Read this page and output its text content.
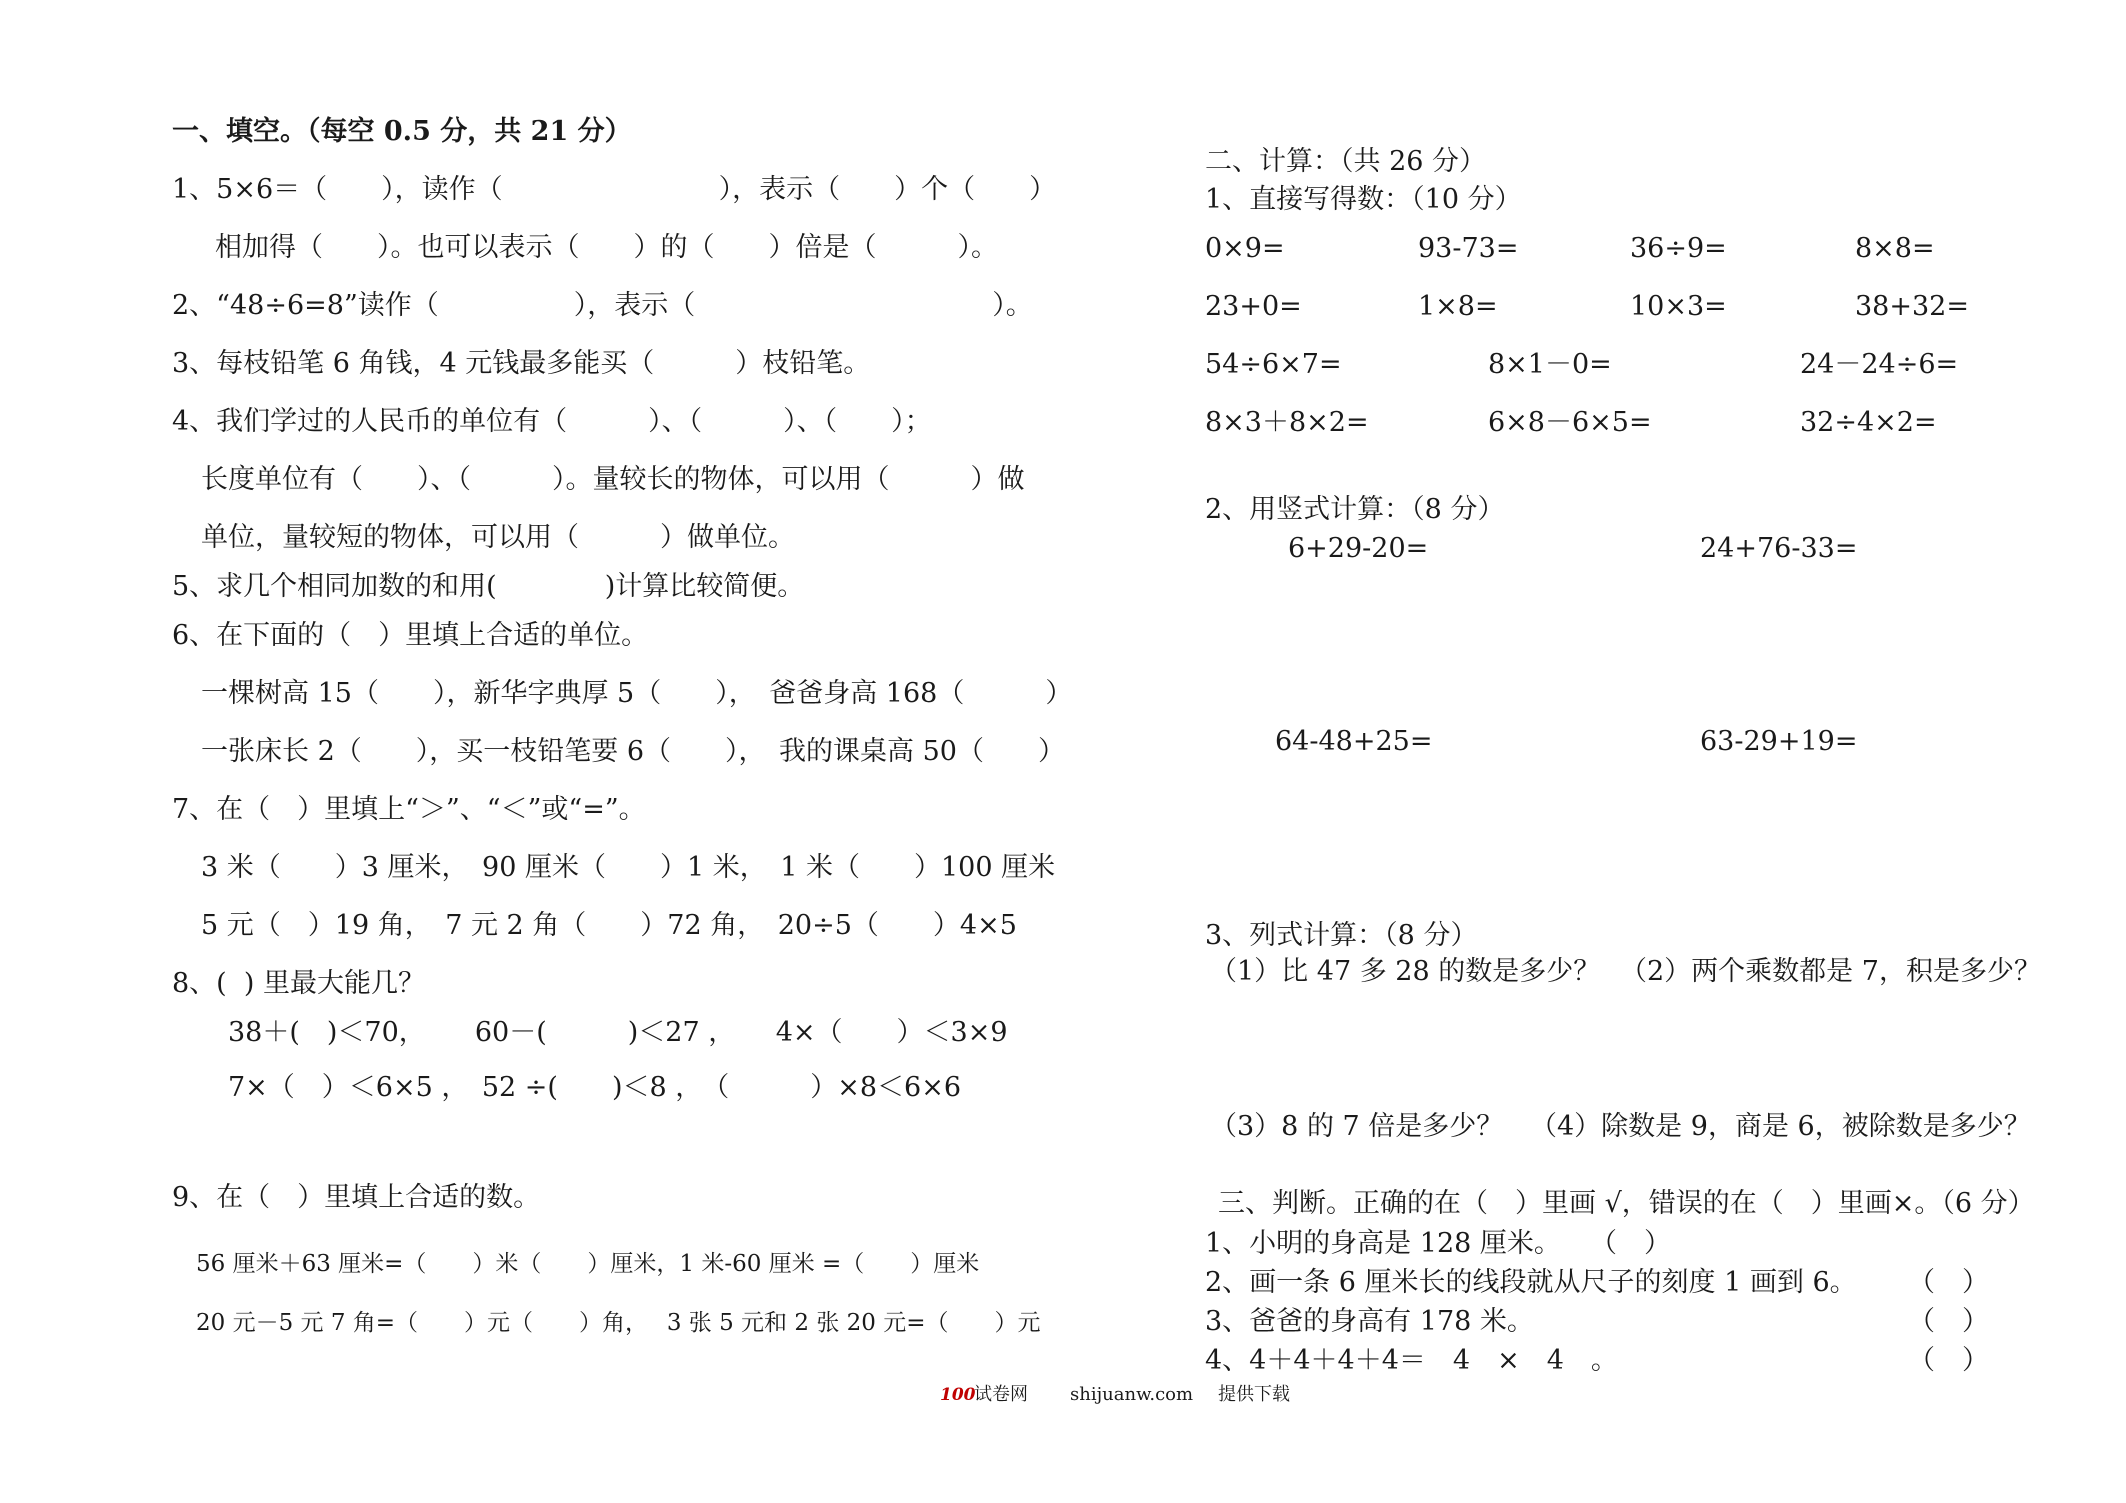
一、填空。（每空 0.5 分，共 21 分）
1、5×6＝（　　），读作（　　　　　　　　），表示（　　）个（　　）
相加得（　　）。也可以表示（　　）的（　　）倍是（　　　）。
2、“48÷6=8”读作（　　　　　），表示（　　　　　　　　　　　）。
3、每枝铅笔 6 角钱，4 元钱最多能买（　　　）枝铅笔。
4、我们学过的人民币的单位有（　　　）、（　　　）、（　　）；
长度单位有（　　）、（　　　）。量较长的物体，可以用（　　　）做
单位，量较短的物体，可以用（　　　）做单位。
5、求几个相同加数的和用(　　　　)计算比较简便。
6、在下面的（　）里填上合适的单位。
一棵树高 15（　　），新华字典厚 5（　　），　爸爸身高 168（　　　）
一张床长 2（　　），买一枝铅笔要 6（　　），　我的课桌高 50（　　）
7、在（　）里填上“＞”、“＜”或“=”。
3 米（　　）3 厘米，　90 厘米（　　）1 米，　1 米（　　）100 厘米
5 元（　）19 角，　7 元 2 角（　　）72 角，　20÷5（　　）4×5
8、(  ) 里最大能几？
38＋(　)＜70，　　 60－(　　　)＜27 ，　　4×（　　）＜3×9
7×（　）＜6×5 ，　52 ÷(　　)＜8 ，　（　　　）×8＜6×6
9、在（　）里填上合适的数。
56 厘米＋63 厘米=（　　）米（　　）厘米，1 米-60 厘米 =（　　）厘米
20 元－5 元 7 角=（　　）元（　　）角，　 3 张 5 元和 2 张 20 元=（　　）元
二、计算：（共 26 分）
1、直接写得数：（10 分）
0×9=	93-73=	36÷9=	8×8=
23+0=	1×8=	10×3=	38+32=
54÷6×7=	8×1－0=	24－24÷6=
8×3＋8×2=	6×8－6×5=	32÷4×2=
2、用竖式计算：（8 分）
6+29-20=	24+76-33=
64-48+25=	63-29+19=
3、列式计算：（8 分）
（1）比 47 多 28 的数是多少？ （2）两个乘数都是 7，积是多少？
（3）8 的 7 倍是多少？ （4）除数是 9，商是 6，被除数是多少？
三、判断。正确的在（　）里画 √，错误的在（　）里画×。（6 分）
1、小明的身高是 128 厘米。 （　）
2、画一条 6 厘米长的线段就从尺子的刻度 1 画到 6。 （　）
3、爸爸的身高有 178 米。	（　）
4、4＋4＋4＋4＝　4　×　4　。	（　）
100
试卷网 shijuanw.com 提供下载
